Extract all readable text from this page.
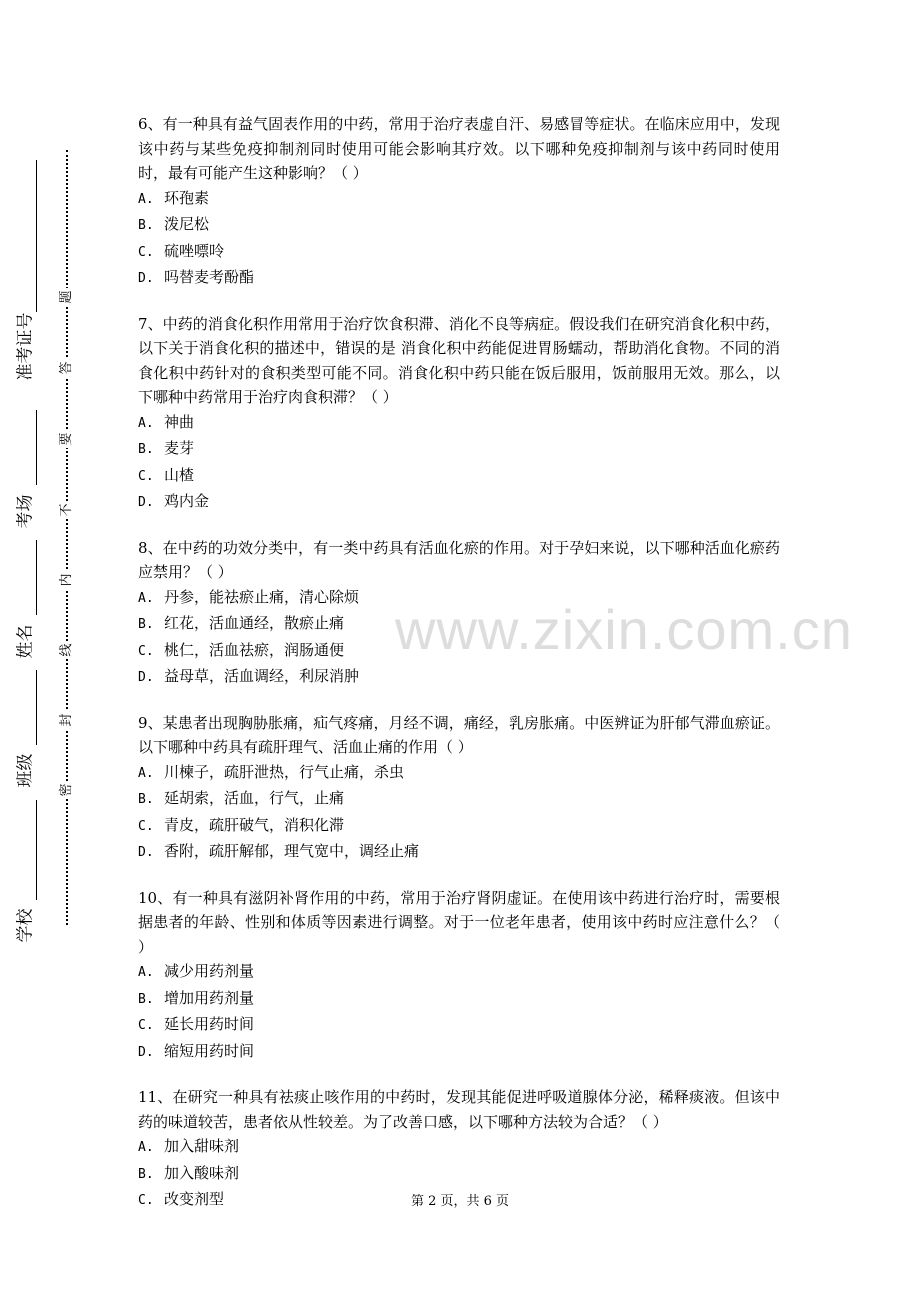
准考证号
考场
姓名
班级
学校
题
答
要
不
内
线
封
密

6、有一种具有益气固表作用的中药，常用于治疗表虚自汗、易感冒等症状。在临床应用中，发现该中药与某些免疫抑制剂同时使用可能会影响其疗效。以下哪种免疫抑制剂与该中药同时使用时，最有可能产生这种影响？（ ）

A. 环孢素
B. 泼尼松
C. 硫唑嘌呤
D. 吗替麦考酚酯

7、中药的消食化积作用常用于治疗饮食积滞、消化不良等病症。假设我们在研究消食化积中药，以下关于消食化积的描述中，错误的是 消食化积中药能促进胃肠蠕动，帮助消化食物。不同的消食化积中药针对的食积类型可能不同。消食化积中药只能在饭后服用，饭前服用无效。那么，以下哪种中药常用于治疗肉食积滞？（ ）

A. 神曲
B. 麦芽
C. 山楂
D. 鸡内金

8、在中药的功效分类中，有一类中药具有活血化瘀的作用。对于孕妇来说，以下哪种活血化瘀药应禁用？（ ）

A. 丹参，能祛瘀止痛，清心除烦
B. 红花，活血通经，散瘀止痛
C. 桃仁，活血祛瘀，润肠通便
D. 益母草，活血调经，利尿消肿

9、某患者出现胸胁胀痛，疝气疼痛，月经不调，痛经，乳房胀痛。中医辨证为肝郁气滞血瘀证。以下哪种中药具有疏肝理气、活血止痛的作用（ ）

A. 川楝子，疏肝泄热，行气止痛，杀虫
B. 延胡索，活血，行气，止痛
C. 青皮，疏肝破气，消积化滞
D. 香附，疏肝解郁，理气宽中，调经止痛

10、有一种具有滋阴补肾作用的中药，常用于治疗肾阴虚证。在使用该中药进行治疗时，需要根据患者的年龄、性别和体质等因素进行调整。对于一位老年患者，使用该中药时应注意什么？（ ）

A. 减少用药剂量
B. 增加用药剂量
C. 延长用药时间
D. 缩短用药时间

11、在研究一种具有祛痰止咳作用的中药时，发现其能促进呼吸道腺体分泌，稀释痰液。但该中药的味道较苦，患者依从性较差。为了改善口感，以下哪种方法较为合适？（ ）

A. 加入甜味剂
B. 加入酸味剂
C. 改变剂型
www.zixin.com.cn
第 2 页，共 6 页
